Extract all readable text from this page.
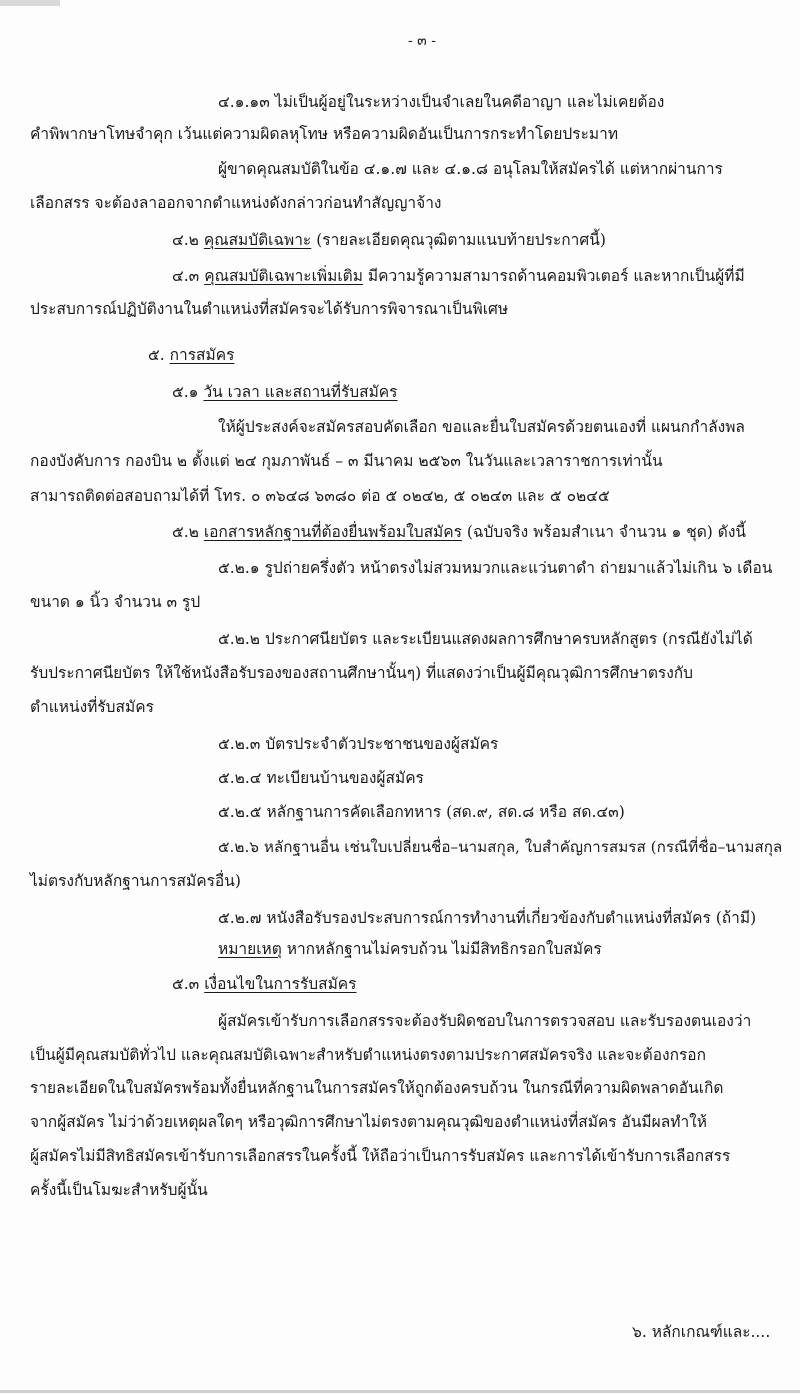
- ๓ -
๔.๑.๑๓ ไม่เป็นผู้อยู่ในระหว่างเป็นจำเลยในคดีอาญา และไม่เคยต้อง
คำพิพากษาโทษจำคุก เว้นแต่ความผิดลหุโทษ หรือความผิดอันเป็นการกระทำโดยประมาท
ผู้ขาดคุณสมบัติในข้อ ๔.๑.๗ และ ๔.๑.๘ อนุโลมให้สมัครได้ แต่หากผ่านการ
เลือกสรร จะต้องลาออกจากตำแหน่งดังกล่าวก่อนทำสัญญาจ้าง
๔.๒ คุณสมบัติเฉพาะ (รายละเอียดคุณวุฒิตามแนบท้ายประกาศนี้)
๔.๓ คุณสมบัติเฉพาะเพิ่มเติม มีความรู้ความสามารถด้านคอมพิวเตอร์ และหากเป็นผู้ที่มี
ประสบการณ์ปฏิบัติงานในตำแหน่งที่สมัครจะได้รับการพิจารณาเป็นพิเศษ
๕. การสมัคร
๕.๑ วัน เวลา และสถานที่รับสมัคร
ให้ผู้ประสงค์จะสมัครสอบคัดเลือก ขอและยื่นใบสมัครด้วยตนเองที่ แผนกกำลังพล
กองบังคับการ กองบิน ๒ ตั้งแต่ ๒๔ กุมภาพันธ์ – ๓ มีนาคม ๒๕๖๓ ในวันและเวลาราชการเท่านั้น
สามารถติดต่อสอบถามได้ที่ โทร. ๐ ๓๖๔๘ ๖๓๘๐ ต่อ ๕ ๐๒๔๒, ๕ ๐๒๔๓ และ ๕ ๐๒๔๕
๕.๒ เอกสารหลักฐานที่ต้องยื่นพร้อมใบสมัคร (ฉบับจริง พร้อมสำเนา จำนวน ๑ ชุด) ดังนี้
๕.๒.๑ รูปถ่ายครึ่งตัว หน้าตรงไม่สวมหมวกและแว่นตาดำ ถ่ายมาแล้วไม่เกิน ๖ เดือน
ขนาด ๑ นิ้ว จำนวน ๓ รูป
๕.๒.๒ ประกาศนียบัตร และระเบียนแสดงผลการศึกษาครบหลักสูตร (กรณียังไม่ได้
รับประกาศนียบัตร ให้ใช้หนังสือรับรองของสถานศึกษานั้นๆ) ที่แสดงว่าเป็นผู้มีคุณวุฒิการศึกษาตรงกับ
ตำแหน่งที่รับสมัคร
๕.๒.๓ บัตรประจำตัวประชาชนของผู้สมัคร
๕.๒.๔ ทะเบียนบ้านของผู้สมัคร
๕.๒.๕ หลักฐานการคัดเลือกทหาร (สด.๙, สด.๘ หรือ สด.๔๓)
๕.๒.๖ หลักฐานอื่น เช่นใบเปลี่ยนชื่อ–นามสกุล, ใบสำคัญการสมรส (กรณีที่ชื่อ–นามสกุล
ไม่ตรงกับหลักฐานการสมัครอื่น)
๕.๒.๗ หนังสือรับรองประสบการณ์การทำงานที่เกี่ยวข้องกับตำแหน่งที่สมัคร (ถ้ามี)
หมายเหตุ หากหลักฐานไม่ครบถ้วน ไม่มีสิทธิกรอกใบสมัคร
๕.๓ เงื่อนไขในการรับสมัคร
ผู้สมัครเข้ารับการเลือกสรรจะต้องรับผิดชอบในการตรวจสอบ และรับรองตนเองว่า
เป็นผู้มีคุณสมบัติทั่วไป และคุณสมบัติเฉพาะสำหรับตำแหน่งตรงตามประกาศสมัครจริง และจะต้องกรอก
รายละเอียดในใบสมัครพร้อมทั้งยื่นหลักฐานในการสมัครให้ถูกต้องครบถ้วน ในกรณีที่ความผิดพลาดอันเกิด
จากผู้สมัคร ไม่ว่าด้วยเหตุผลใดๆ หรือวุฒิการศึกษาไม่ตรงตามคุณวุฒิของตำแหน่งที่สมัคร อันมีผลทำให้
ผู้สมัครไม่มีสิทธิสมัครเข้ารับการเลือกสรรในครั้งนี้ ให้ถือว่าเป็นการรับสมัคร และการได้เข้ารับการเลือกสรร
ครั้งนี้เป็นโมฆะสำหรับผู้นั้น
๖. หลักเกณฑ์และ....
